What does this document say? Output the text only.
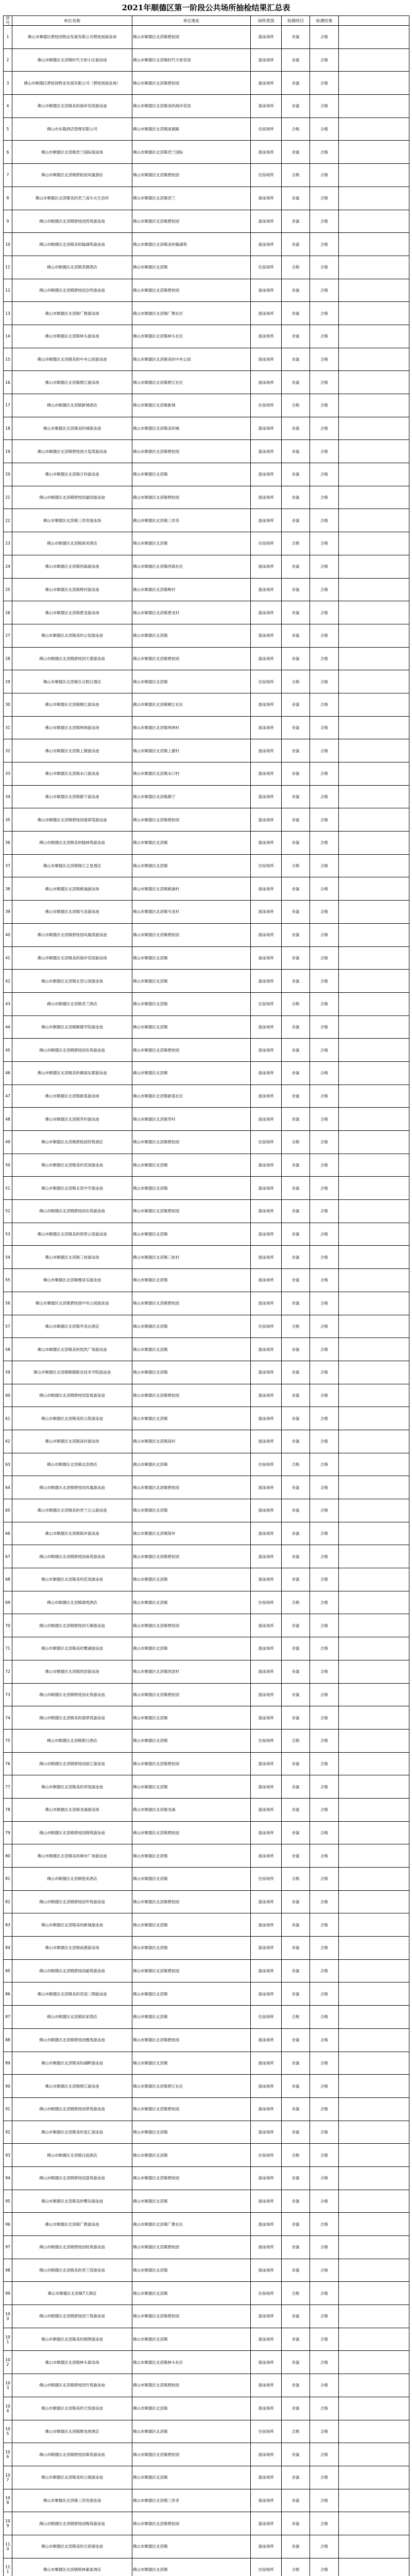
2021年顺德区第一阶段公共场所抽检结果汇总表
序号	单位名称	单位地址	场所类别	检测项目	检测结果	
1	佛山市顺德区碧桂园物业发展有限公司碧桂园游泳场	佛山市顺德区北滘镇碧桂园	游泳场所	余氯	合格	
2	佛山市顺德区北滘镇时代天骄小区游泳场	佛山市顺德区北滘镇时代天骄花园	游泳场所	余氯	合格	
3	佛山市顺德区碧桂园物业发展有限公司（碧桂园游泳场）	佛山市顺德区北滘镇碧桂园	游泳场所	余氯	合格	
4	佛山市顺德区北滘镇美的海岸花园游泳池	佛山市顺德区北滘镇美的海岸花园	游泳场所	余氯	合格	
5	佛山市东隆酒店管理有限公司	佛山市顺德区北滘镇南源路	住宿场所	合格	合格	
6	佛山市顺德区北滘镇君兰国际游泳场	佛山市顺德区北滘镇君兰国际	游泳场所	余氯	合格	
7	佛山市顺德区北滘镇碧桂园凤凰酒店	佛山市顺德区北滘镇碧桂园	住宿场所	合格	合格	
8	佛山市顺德区北滘镇美的君兰高尔夫生活村	佛山市顺德区北滘镇君兰	游泳场所	余氯	合格	
9	佛山市顺德区北滘镇碧桂园西苑游泳池	佛山市顺德区北滘镇碧桂园	游泳场所	余氯	合格	
10	佛山市顺德区北滘镇美的翰湖苑游泳池	佛山市顺德区北滘镇美的翰湖苑	游泳场所	余氯	合格	
11	佛山市顺德区北滘镇君御酒店	佛山市顺德区北滘镇	住宿场所	合格	合格	
12	佛山市顺德区北滘镇碧桂园会所游泳池	佛山市顺德区北滘镇碧桂园	游泳场所	余氯	合格	
13	佛山市顺德区北滘镇广教游泳场	佛山市顺德区北滘镇广教社区	游泳场所	余氯	合格	
14	佛山市顺德区北滘镇林头游泳池	佛山市顺德区北滘镇林头社区	游泳场所	余氯	合格	
15	佛山市顺德区北滘镇美的中央公园游泳池	佛山市顺德区北滘镇美的中央公园	游泳场所	余氯	合格	
16	佛山市顺德区北滘镇碧江游泳场	佛山市顺德区北滘镇碧江社区	游泳场所	余氯	合格	
17	佛山市顺德区北滘镇新城酒店	佛山市顺德区北滘镇新城	住宿场所	合格	合格	
18	佛山市顺德区北滘镇美的城游泳池	佛山市顺德区北滘镇美的城	游泳场所	余氯	合格	
19	佛山市顺德区北滘镇碧桂园天玺湾游泳池	佛山市顺德区北滘镇碧桂园	游泳场所	余氯	合格	
20	佛山市顺德区北滘镇万科游泳池	佛山市顺德区北滘镇	游泳场所	余氯	合格	
21	佛山市顺德区北滘镇碧桂园豪园游泳池	佛山市顺德区北滘镇碧桂园	游泳场所	余氯	合格	
22	佛山市顺德区北滘镇三洪奇游泳场	佛山市顺德区北滘镇三洪奇	游泳场所	余氯	合格	
23	佛山市顺德区北滘镇商务酒店	佛山市顺德区北滘镇	住宿场所	合格	合格	
24	佛山市顺德区北滘镇西海游泳池	佛山市顺德区北滘镇西海社区	游泳场所	余氯	合格	
25	佛山市顺德区北滘镇桃村游泳池	佛山市顺德区北滘镇桃村	游泳场所	余氯	合格	
26	佛山市顺德区北滘镇黄龙游泳场	佛山市顺德区北滘镇黄龙村	游泳场所	余氯	合格	
27	佛山市顺德区北滘镇美的公馆游泳池	佛山市顺德区北滘镇	游泳场所	余氯	合格	
28	佛山市顺德区北滘镇碧桂园天璟游泳池	佛山市顺德区北滘镇碧桂园	游泳场所	余氯	合格	
29	佛山市顺德区北滘镇百合假日酒店	佛山市顺德区北滘镇	住宿场所	合格	合格	
30	佛山市顺德区北滘镇顺江游泳池	佛山市顺德区北滘镇顺江社区	游泳场所	余氯	合格	
31	佛山市顺德区北滘镇坤洲游泳场	佛山市顺德区北滘镇坤洲村	游泳场所	余氯	合格	
32	佛山市顺德区北滘镇上僚游泳池	佛山市顺德区北滘镇上僚村	游泳场所	余氯	合格	
33	佛山市顺德区北滘镇水口游泳池	佛山市顺德区北滘镇水口村	游泳场所	余氯	合格	
34	佛山市顺德区北滘镇都宁游泳池	佛山市顺德区北滘镇都宁	游泳场所	余氯	合格	
35	佛山市顺德区北滘镇碧桂园翡翠湾游泳池	佛山市顺德区北滘镇碧桂园	游泳场所	余氯	合格	
36	佛山市顺德区北滘镇美的翰林苑游泳池	佛山市顺德区北滘镇	游泳场所	余氯	合格	
37	佛山市顺德区北滘镇锦江之星酒店	佛山市顺德区北滘镇	住宿场所	合格	合格	
38	佛山市顺德区北滘镇槎涌游泳场	佛山市顺德区北滘镇槎涌村	游泳场所	余氯	合格	
39	佛山市顺德区北滘镇马龙游泳池	佛山市顺德区北滘镇马龙村	游泳场所	余氯	合格	
40	佛山市顺德区北滘镇碧桂园凤凰湾游泳池	佛山市顺德区北滘镇碧桂园	游泳场所	余氯	合格	
41	佛山市顺德区北滘镇美的海岸花园游泳场	佛山市顺德区北滘镇	游泳场所	余氯	合格	
42	佛山市顺德区北滘镇北滘公园游泳场	佛山市顺德区北滘镇	游泳场所	余氯	合格	
43	佛山市顺德区北滘镇君兰酒店	佛山市顺德区北滘镇	住宿场所	合格	合格	
44	佛山市顺德区北滘镇顺德学院游泳池	佛山市顺德区北滘镇	游泳场所	余氯	合格	
45	佛山市顺德区北滘镇碧桂园名苑游泳池	佛山市顺德区北滘镇碧桂园	游泳场所	余氯	合格	
46	佛山市顺德区北滘镇美的御海东郡游泳池	佛山市顺德区北滘镇	游泳场所	余氯	合格	
47	佛山市顺德区北滘镇新基游泳场	佛山市顺德区北滘镇新基社区	游泳场所	余氯	合格	
48	佛山市顺德区北滘镇莘村游泳池	佛山市顺德区北滘镇莘村	游泳场所	余氯	合格	
49	佛山市顺德区北滘镇碧桂园西苑酒店	佛山市顺德区北滘镇碧桂园	住宿场所	合格	合格	
50	佛山市顺德区北滘镇美的花园游泳池	佛山市顺德区北滘镇	游泳场所	余氯	合格	
51	佛山市顺德区北滘镇北滘中学游泳池	佛山市顺德区北滘镇	游泳场所	余氯	合格	
52	佛山市顺德区北滘镇碧桂园东苑游泳池	佛山市顺德区北滘镇碧桂园	游泳场所	余氯	合格	
53	佛山市顺德区北滘镇美的领贤公馆游泳池	佛山市顺德区北滘镇	游泳场所	余氯	合格	
54	佛山市顺德区北滘镇三桂游泳场	佛山市顺德区北滘镇三桂村	游泳场所	余氯	合格	
55	佛山市顺德区北滘镇雅居乐游泳池	佛山市顺德区北滘镇	游泳场所	余氯	合格	
56	佛山市顺德区北滘镇碧桂园中央公园游泳池	佛山市顺德区北滘镇碧桂园	游泳场所	余氯	合格	
57	佛山市顺德区北滘镇华美达酒店	佛山市顺德区北滘镇	住宿场所	合格	合格	
58	佛山市顺德区北滘镇美的悦然广场游泳池	佛山市顺德区北滘镇	游泳场所	余氯	合格	
59	佛山市顺德区北滘镇顺德职业技术学院游泳池	佛山市顺德区北滘镇	游泳场所	余氯	合格	
60	佛山市顺德区北滘镇碧桂园玺悦游泳池	佛山市顺德区北滘镇碧桂园	游泳场所	余氯	合格	
61	佛山市顺德区北滘镇美的云筑游泳池	佛山市顺德区北滘镇	游泳场所	余氯	合格	
62	佛山市顺德区北滘镇高村游泳场	佛山市顺德区北滘镇高村	游泳场所	余氯	合格	
63	佛山市顺德区北滘镇北滘酒店	佛山市顺德区北滘镇	住宿场所	合格	合格	
64	佛山市顺德区北滘镇碧桂园凤凰游泳池	佛山市顺德区北滘镇碧桂园	游泳场所	余氯	合格	
65	佛山市顺德区北滘镇美的君兰江山游泳池	佛山市顺德区北滘镇	游泳场所	余氯	合格	
66	佛山市顺德区北滘镇简岸游泳池	佛山市顺德区北滘镇简岸	游泳场所	余氯	合格	
67	佛山市顺德区北滘镇碧桂园南苑游泳池	佛山市顺德区北滘镇碧桂园	游泳场所	余氯	合格	
68	佛山市顺德区北滘镇美的花湾游泳池	佛山市顺德区北滘镇	游泳场所	余氯	合格	
69	佛山市顺德区北滘镇海悦酒店	佛山市顺德区北滘镇	住宿场所	合格	合格	
70	佛山市顺德区北滘镇碧桂园天御游泳池	佛山市顺德区北滘镇碧桂园	游泳场所	余氯	合格	
71	佛山市顺德区北滘镇美的鹭湖游泳池	佛山市顺德区北滘镇	游泳场所	余氯	合格	
72	佛山市顺德区北滘镇西滘游泳场	佛山市顺德区北滘镇西滘村	游泳场所	余氯	合格	
73	佛山市顺德区北滘镇碧桂园北苑游泳池	佛山市顺德区北滘镇碧桂园	游泳场所	余氯	合格	
74	佛山市顺德区北滘镇美的翡翠湾游泳池	佛山市顺德区北滘镇	游泳场所	余氯	合格	
75	佛山市顺德区北滘镇假日酒店	佛山市顺德区北滘镇	住宿场所	合格	合格	
76	佛山市顺德区北滘镇碧桂园滨江游泳池	佛山市顺德区北滘镇碧桂园	游泳场所	余氯	合格	
77	佛山市顺德区北滘镇美的君悦游泳池	佛山市顺德区北滘镇	游泳场所	余氯	合格	
78	佛山市顺德区北滘镇龙涌游泳场	佛山市顺德区北滘镇龙涌	游泳场所	余氯	合格	
79	佛山市顺德区北滘镇碧桂园锦苑游泳池	佛山市顺德区北滘镇碧桂园	游泳场所	余氯	合格	
80	佛山市顺德区北滘镇美的城市广场游泳池	佛山市顺德区北滘镇	游泳场所	余氯	合格	
81	佛山市顺德区北滘镇悦来酒店	佛山市顺德区北滘镇	住宿场所	合格	合格	
82	佛山市顺德区北滘镇碧桂园华苑游泳池	佛山市顺德区北滘镇碧桂园	游泳场所	余氯	合格	
83	佛山市顺德区北滘镇美的新城游泳池	佛山市顺德区北滘镇	游泳场所	余氯	合格	
84	佛山市顺德区北滘镇南源游泳场	佛山市顺德区北滘镇	游泳场所	余氯	合格	
85	佛山市顺德区北滘镇碧桂园丽苑游泳池	佛山市顺德区北滘镇碧桂园	游泳场所	余氯	合格	
86	佛山市顺德区北滘镇美的花园二期游泳池	佛山市顺德区北滘镇	游泳场所	余氯	合格	
87	佛山市顺德区北滘镇如家酒店	佛山市顺德区北滘镇	住宿场所	合格	合格	
88	佛山市顺德区北滘镇碧桂园雅苑游泳池	佛山市顺德区北滘镇碧桂园	游泳场所	余氯	合格	
89	佛山市顺德区北滘镇美的湖畔游泳池	佛山市顺德区北滘镇	游泳场所	余氯	合格	
90	佛山市顺德区北滘镇碧江游泳池	佛山市顺德区北滘镇碧江社区	游泳场所	余氯	合格	
91	佛山市顺德区北滘镇碧桂园翠苑游泳池	佛山市顺德区北滘镇碧桂园	游泳场所	余氯	合格	
92	佛山市顺德区北滘镇美的星汇游泳池	佛山市顺德区北滘镇	游泳场所	余氯	合格	
93	佛山市顺德区北滘镇汉庭酒店	佛山市顺德区北滘镇	住宿场所	合格	合格	
94	佛山市顺德区北滘镇碧桂园荔苑游泳池	佛山市顺德区北滘镇碧桂园	游泳场所	余氯	合格	
95	佛山市顺德区北滘镇美的鹭岛游泳池	佛山市顺德区北滘镇	游泳场所	余氯	合格	
96	佛山市顺德区北滘镇广教游泳池	佛山市顺德区北滘镇广教社区	游泳场所	余氯	合格	
97	佛山市顺德区北滘镇碧桂园桂苑游泳池	佛山市顺德区北滘镇碧桂园	游泳场所	余氯	合格	
98	佛山市顺德区北滘镇美的君兰湾游泳池	佛山市顺德区北滘镇	游泳场所	余氯	合格	
99	佛山市顺德区北滘镇7天酒店	佛山市顺德区北滘镇	住宿场所	合格	合格	
100	佛山市顺德区北滘镇碧桂园兰苑游泳池	佛山市顺德区北滘镇碧桂园	游泳场所	余氯	合格	
101	佛山市顺德区北滘镇美的锦绣游泳池	佛山市顺德区北滘镇	游泳场所	余氯	合格	
102	佛山市顺德区北滘镇林头游泳场	佛山市顺德区北滘镇林头社区	游泳场所	余氯	合格	
103	佛山市顺德区北滘镇碧桂园竹苑游泳池	佛山市顺德区北滘镇碧桂园	游泳场所	余氯	合格	
104	佛山市顺德区北滘镇美的天悦游泳池	佛山市顺德区北滘镇	游泳场所	余氯	合格	
105	佛山市顺德区北滘镇维也纳酒店	佛山市顺德区北滘镇	住宿场所	合格	合格	
106	佛山市顺德区北滘镇碧桂园菊苑游泳池	佛山市顺德区北滘镇碧桂园	游泳场所	余氯	合格	
107	佛山市顺德区北滘镇美的云锦游泳池	佛山市顺德区北滘镇	游泳场所	余氯	合格	
108	佛山市顺德区北滘镇三洪奇游泳池	佛山市顺德区北滘镇三洪奇	游泳场所	余氯	合格	
109	佛山市顺德区北滘镇碧桂园梅苑游泳池	佛山市顺德区北滘镇碧桂园	游泳场所	余氯	合格	
110	佛山市顺德区北滘镇美的天骄游泳池	佛山市顺德区北滘镇	游泳场所	余氯	合格	
111	佛山市顺德区北滘镇格林豪泰酒店	佛山市顺德区北滘镇	住宿场所	合格	合格	
